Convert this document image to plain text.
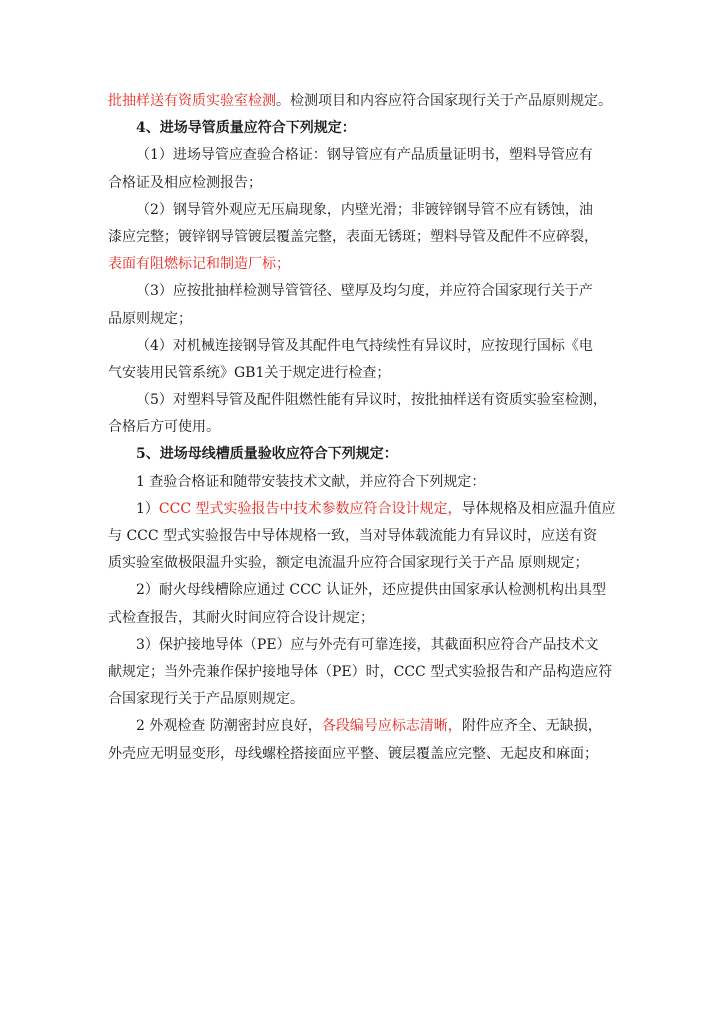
批抽样送有资质实验室检测。检测项目和内容应符合国家现行关于产品原则规定。
4、进场导管质量应符合下列规定：
（1）进场导管应查验合格证：钢导管应有产品质量证明书，塑料导管应有
合格证及相应检测报告；
（2）钢导管外观应无压扁现象，内壁光滑；非镀锌钢导管不应有锈蚀，油
漆应完整；镀锌钢导管镀层覆盖完整，表面无锈斑；塑料导管及配件不应碎裂，
表面有阻燃标记和制造厂标；
（3）应按批抽样检测导管管径、壁厚及均匀度，并应符合国家现行关于产
品原则规定；
（4）对机械连接钢导管及其配件电气持续性有异议时，应按现行国标《电
气安装用民管系统》GB1关于规定进行检查；
（5）对塑料导管及配件阻燃性能有异议时，按批抽样送有资质实验室检测，
合格后方可使用。
5、进场母线槽质量验收应符合下列规定：
1 查验合格证和随带安装技术文献，并应符合下列规定：
1）CCC 型式实验报告中技术参数应符合设计规定，导体规格及相应温升值应
与 CCC 型式实验报告中导体规格一致，当对导体载流能力有异议时，应送有资
质实验室做极限温升实验，额定电流温升应符合国家现行关于产品 原则规定；
2）耐火母线槽除应通过 CCC 认证外，还应提供由国家承认检测机构出具型
式检查报告，其耐火时间应符合设计规定；
3）保护接地导体（PE）应与外壳有可靠连接，其截面积应符合产品技术文
献规定；当外壳兼作保护接地导体（PE）时，CCC 型式实验报告和产品构造应符
合国家现行关于产品原则规定。
2 外观检查 防潮密封应良好，各段编号应标志清晰，附件应齐全、无缺损，
外壳应无明显变形，母线螺栓搭接面应平整、镀层覆盖应完整、无起皮和麻面；
